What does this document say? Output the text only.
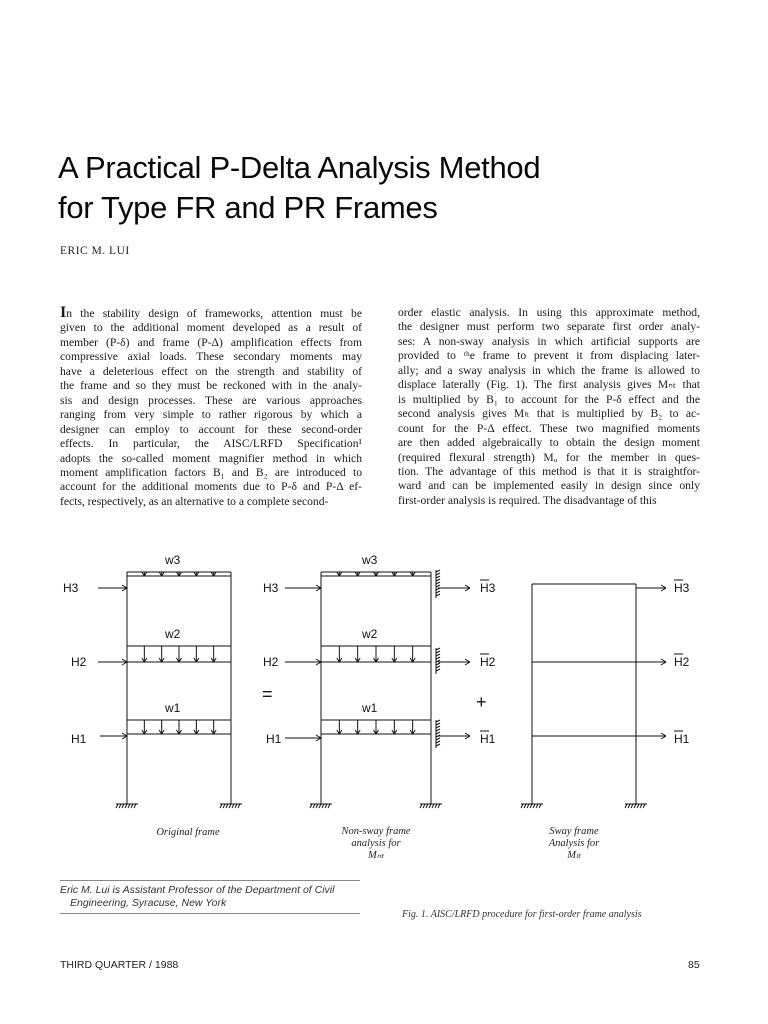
A Practical P-Delta Analysis Method
for Type FR and PR Frames
ERIC M. LUI
In the stability design of frameworks, attention must be
given to the additional moment developed as a result of
member (P-δ) and frame (P-Δ) amplification effects from
compressive axial loads. These secondary moments may
have a deleterious effect on the strength and stability of
the frame and so they must be reckoned with in the analy-
sis and design processes. These are various approaches
ranging from very simple to rather rigorous by which a
designer can employ to account for these second-order
effects. In particular, the AISC/LRFD Specification¹
adopts the so-called moment magnifier method in which
moment amplification factors B₁ and B₂ are introduced to
account for the additional moments due to P-δ and P-Δ ef-
fects, respectively, as an alternative to a complete second-
order elastic analysis. In using this approximate method,
the designer must perform two separate first order analy-
ses: A non-sway analysis in which artificial supports are
provided to ʳʰe frame to prevent it from displacing later-
ally; and a sway analysis in which the frame is allowed to
displace laterally (Fig. 1). The first analysis gives Mₙₜ that
is multiplied by B₁ to account for the P-δ effect and the
second analysis gives Mₗₜ that is multiplied by B₂ to ac-
count for the P-Δ effect. These two magnified moments
are then added algebraically to obtain the design moment
(required flexural strength) Mᵤ for the member in ques-
tion. The advantage of this method is that it is straightfor-
ward and can be implemented easily in design since only
first-order analysis is required. The disadvantage of this
w3
w2
w1
w3
w2
w1
H3
H2
H1
H3
H2
H1
H3
H2
H1
H3
H2
H1
=	+
Original frame	Non-sway frame
analysis for
Mₙₜ
Sway frame
Analysis for
Mₗₜ
Eric M. Lui is Assistant Professor of the Department of Civil
Engineering, Syracuse, New York
Fig. 1. AISC/LRFD procedure for first-order frame analysis
THIRD QUARTER / 1988	85
